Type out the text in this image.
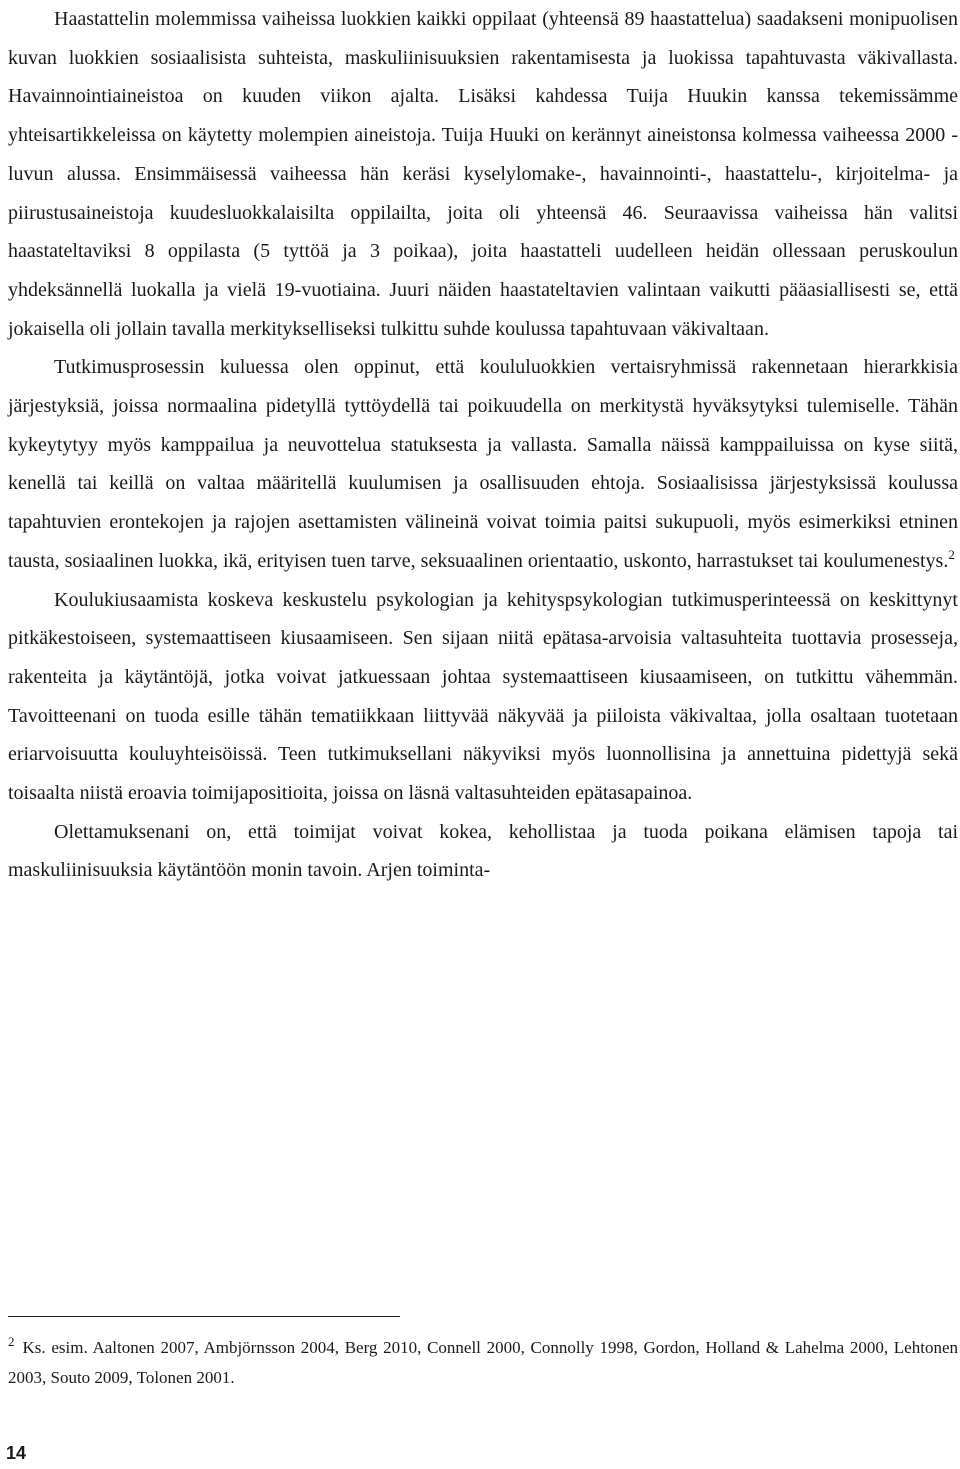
Haastattelin molemmissa vaiheissa luokkien kaikki oppilaat (yhteensä 89 haastattelua) saadakseni monipuolisen kuvan luokkien sosiaalisista suhteista, maskuliinisuuksien rakentamisesta ja luokissa tapahtuvasta väkivallasta. Havainnointiaineistoa on kuuden viikon ajalta. Lisäksi kahdessa Tuija Huukin kanssa tekemissämme yhteisartikkeleissa on käytetty molempien aineistoja. Tuija Huuki on kerännyt aineistonsa kolmessa vaiheessa 2000 -luvun alussa. Ensimmäisessä vaiheessa hän keräsi kyselylomake-, havainnointi-, haastattelu-, kirjoitelma- ja piirustusaineistoja kuudesluokkalaisilta oppilailta, joita oli yhteensä 46. Seuraavissa vaiheissa hän valitsi haastateltaviksi 8 oppilasta (5 tyttöä ja 3 poikaa), joita haastatteli uudelleen heidän ollessaan peruskoulun yhdeksännellä luokalla ja vielä 19-vuotiaina. Juuri näiden haastateltavien valintaan vaikutti pääasiallisesti se, että jokaisella oli jollain tavalla merkitykselliseksi tulkittu suhde koulussa tapahtuvaan väkivaltaan.

Tutkimusprosessin kuluessa olen oppinut, että koululuokkien vertaisryhmissä rakennetaan hierarkkisia järjestyksiä, joissa normaalina pidetyllä tyttöydellä tai poikuudella on merkitystä hyväksytyksi tulemiselle. Tähän kykeytytyy myös kamppailua ja neuvottelua statuksesta ja vallasta. Samalla näissä kamppailuissa on kyse siitä, kenellä tai keillä on valtaa määritellä kuulumisen ja osallisuuden ehtoja. Sosiaalisissa järjestyksissä koulussa tapahtuvien erontekojen ja rajojen asettamisten välineinä voivat toimia paitsi sukupuoli, myös esimerkiksi etninen tausta, sosiaalinen luokka, ikä, erityisen tuen tarve, seksuaalinen orientaatio, uskonto, harrastukset tai koulumenestys.$^2$

Koulukiusaamista koskeva keskustelu psykologian ja kehityspsykologian tutkimusperinteessä on keskittynyt pitkäkestoiseen, systemaattiseen kiusaamiseen. Sen sijaan niitä epätasa-arvoisia valtasuhteita tuottavia prosesseja, rakenteita ja käytäntöjä, jotka voivat jatkuessaan johtaa systemaattiseen kiusaamiseen, on tutkittu vähemmän. Tavoitteenani on tuoda esille tähän tematiikkaan liittyvää näkyvää ja piiloista väkivaltaa, jolla osaltaan tuotetaan eriarvoisuutta kouluyhteisöissä. Teen tutkimuksellani näkyviksi myös luonnollisina ja annettuina pidettyjä sekä toisaalta niistä eroavia toimijapositioita, joissa on läsnä valtasuhteiden epätasapainoa.

Olettamuksenani on, että toimijat voivat kokea, kehollistaa ja tuoda poikana elämisen tapoja tai maskuliinisuuksia käytäntöön monin tavoin. Arjen toiminta-

$^2$ Ks. esim. Aaltonen 2007, Ambjörnsson 2004, Berg 2010, Connell 2000, Connolly 1998, Gordon, Holland & Lahelma 2000, Lehtonen 2003, Souto 2009, Tolonen 2001.

14
